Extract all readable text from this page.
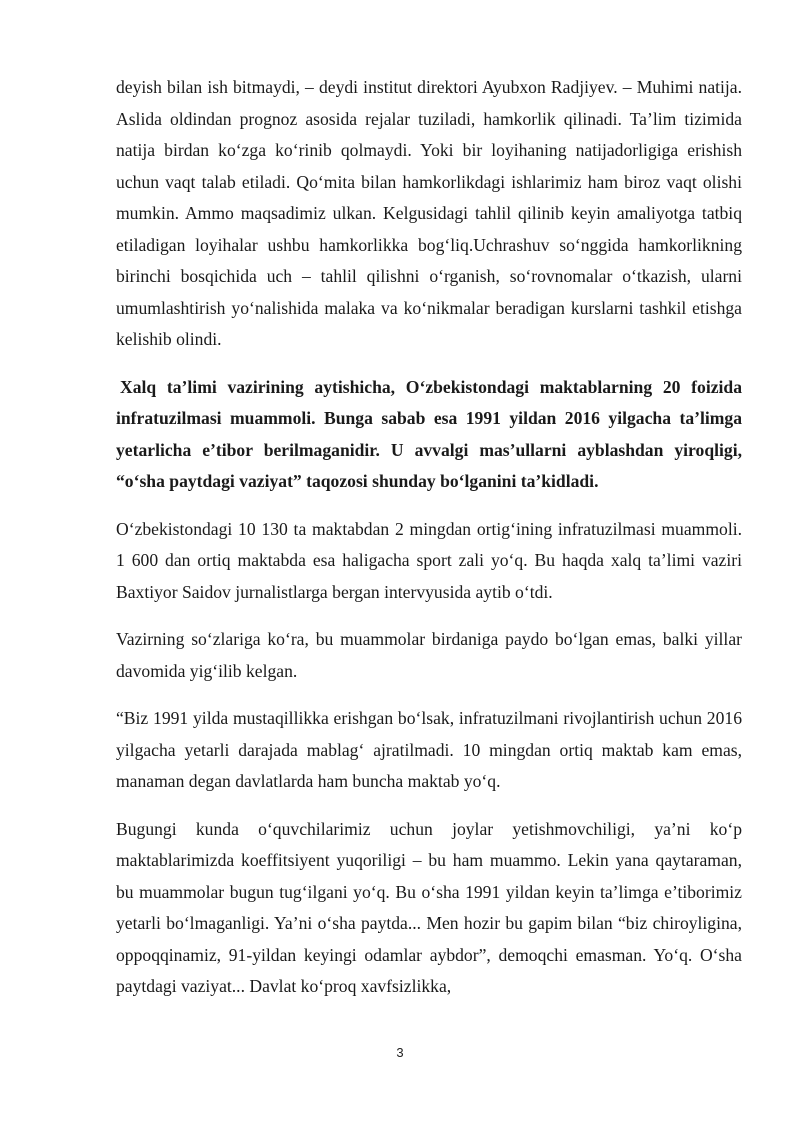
deyish bilan ish bitmaydi, – deydi institut direktori Ayubxon Radjiyev. – Muhimi natija. Aslida oldindan prognoz asosida rejalar tuziladi, hamkorlik qilinadi. Ta’lim tizimida natija birdan ko‘zga ko‘rinib qolmaydi. Yoki bir loyihaning natijadorligiga erishish uchun vaqt talab etiladi. Qo‘mita bilan hamkorlikdagi ishlarimiz ham biroz vaqt olishi mumkin. Ammo maqsadimiz ulkan. Kelgusidagi tahlil qilinib keyin amaliyotga tatbiq etiladigan loyihalar ushbu hamkorlikka bog‘liq.Uchrashuv so‘nggida hamkorlikning birinchi bosqichida uch – tahlil qilishni o‘rganish, so‘rovnomalar o‘tkazish, ularni umumlashtirish yo‘nalishida malaka va ko‘nikmalar beradigan kurslarni tashkil etishga kelishib olindi.

Xalq ta’limi vazirining aytishicha, O‘zbekistondagi maktablarning 20 foizida infratuzilmasi muammoli. Bunga sabab esa 1991 yildan 2016 yilgacha ta’limga yetarlicha e’tibor berilmaganidir. U avvalgi mas’ullarni ayblashdan yiroqligi, “o‘sha paytdagi vaziyat” taqozosi shunday bo‘lganini ta’kidladi.

O‘zbekistondagi 10 130 ta maktabdan 2 mingdan ortig‘ining infratuzilmasi muammoli. 1 600 dan ortiq maktabda esa haligacha sport zali yo‘q. Bu haqda xalq ta’limi vaziri Baxtiyor Saidov jurnalistlarga bergan intervyusida aytib o‘tdi.

Vazirning so‘zlariga ko‘ra, bu muammolar birdaniga paydo bo‘lgan emas, balki yillar davomida yig‘ilib kelgan.

“Biz 1991 yilda mustaqillikka erishgan bo‘lsak, infratuzilmani rivojlantirish uchun 2016 yilgacha yetarli darajada mablag‘ ajratilmadi. 10 mingdan ortiq maktab kam emas, manaman degan davlatlarda ham buncha maktab yo‘q.

Bugungi kunda o‘quvchilarimiz uchun joylar yetishmovchiligi, ya’ni ko‘p maktablarimizda koeffitsiyent yuqoriligi – bu ham muammo. Lekin yana qaytaraman, bu muammolar bugun tug‘ilgani yo‘q. Bu o‘sha 1991 yildan keyin ta’limga e’tiborimiz yetarli bo‘lmaganligi. Ya’ni o‘sha paytda... Men hozir bu gapim bilan “biz chiroyligina, oppoqqinamiz, 91-yildan keyingi odamlar aybdor”, demoqchi emasman. Yo‘q. O‘sha paytdagi vaziyat... Davlat ko‘proq xavfsizlikka,

3
